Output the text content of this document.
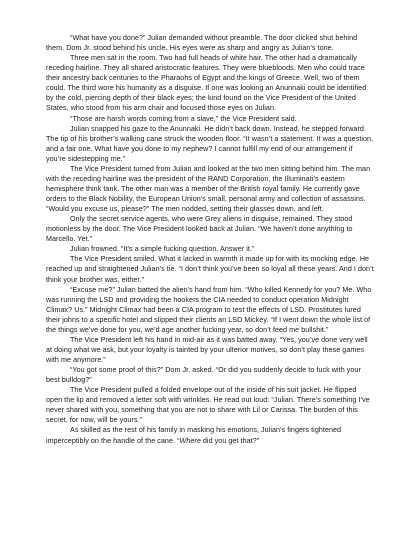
“What have you done?” Julian demanded without preamble. The door clicked shut behind them. Dom Jr. stood behind his uncle. His eyes were as sharp and angry as Julian’s tone.

Three men sat in the room. Two had full heads of white hair. The other had a dramatically receding hairline. They all shared aristocratic features. They were bluebloods. Men who could trace their ancestry back centuries to the Pharaohs of Egypt and the kings of Greece. Well, two of them could. The third wore his humanity as a disguise. If one was looking an Anunnaki could be identified by the cold, piercing depth of their black eyes; the kind found on the Vice President of the United States, who stood from his arm chair and focused those eyes on Julian.

“Those are harsh words coming from a slave,” the Vice President said.

Julian snapped his gaze to the Anunnaki. He didn’t back down. Instead, he stepped forward. The tip of his brother’s walking cane struck the wooden floor. “It wasn’t a statement. It was a question, and a fair one. What have you done to my nephew? I cannot fulfill my end of our arrangement if you’re sidestepping me.”

The Vice President turned from Julian and looked at the two men sitting behind him. The man with the receding hairline was the president of the RAND Corporation, the Illuminati’s eastern hemisphere think tank. The other man was a member of the British royal family. He currently gave orders to the Black Nobility, the European Union’s small, personal army and collection of assassins. “Would you excuse us, please?” The men nodded, setting their glasses down, and left.

Only the secret service agents, who were Grey aliens in disguise, remained. They stood motionless by the door. The Vice President looked back at Julian. “We haven’t done anything to Marcello. Yet.”

Julian frowned. “It’s a simple fucking question. Answer it.”

The Vice President smiled. What it lacked in warmth it made up for with its mocking edge. He reached up and straightened Julian’s tie. “I don’t think you’ve been so loyal all these years. And I don’t think your brother was, either.”

“Excuse me?” Julian batted the alien’s hand from him. “Who killed Kennedy for you? Me. Who was running the LSD and providing the hookers the CIA needed to conduct operation Midnight Climax? Us.” Midnight Climax had been a CIA program to test the effects of LSD. Prostitutes lured their johns to a specific hotel and slipped their clients an LSD Mickey. “If I went down the whole list of the things we’ve done for you, we’d age another fucking year, so don’t feed me bullshit.”

The Vice President left his hand in mid-air as it was batted away. “Yes, you’ve done very well at doing what we ask, but your loyalty is tainted by your ulterior motives, so don’t play these games with me anymore.”

“You got some proof of this?” Dom Jr. asked. “Or did you suddenly decide to fuck with your best bulldog?”

The Vice President pulled a folded envelope out of the inside of his suit jacket. He flipped open the lip and removed a letter soft with wrinkles. He read out loud: “Julian. There’s something I’ve never shared with you, something that you are not to share with Lil or Carissa. The burden of this secret, for now, will be yours.”

As skilled as the rest of his family in masking his emotions, Julian’s fingers tightened imperceptibly on the handle of the cane. “Where did you get that?”
